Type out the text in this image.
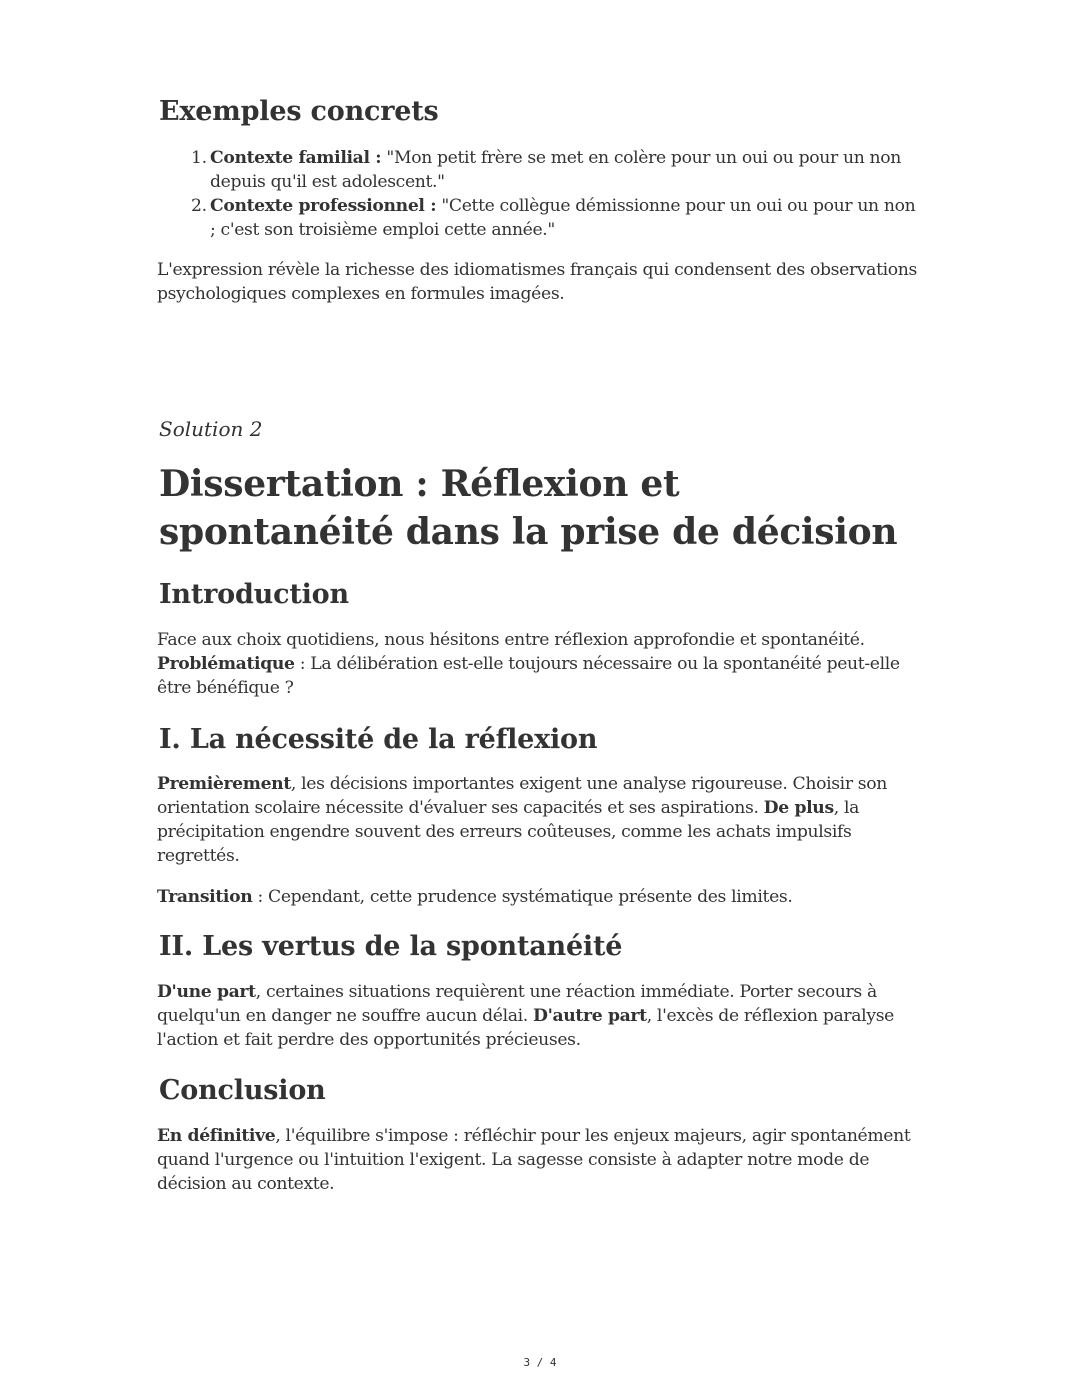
Exemples concrets
1. Contexte familial : "Mon petit frère se met en colère pour un oui ou pour un non depuis qu'il est adolescent."
2. Contexte professionnel : "Cette collègue démissionne pour un oui ou pour un non ; c'est son troisième emploi cette année."

L'expression révèle la richesse des idiomatismes français qui condensent des observations psychologiques complexes en formules imagées.

Solution 2
Dissertation : Réflexion et spontanéité dans la prise de décision
Introduction

Face aux choix quotidiens, nous hésitons entre réflexion approfondie et spontanéité. Problématique : La délibération est-elle toujours nécessaire ou la spontanéité peut-elle être bénéfique ?

I. La nécessité de la réflexion

Premièrement, les décisions importantes exigent une analyse rigoureuse. Choisir son orientation scolaire nécessite d'évaluer ses capacités et ses aspirations. De plus, la précipitation engendre souvent des erreurs coûteuses, comme les achats impulsifs regrettés.

Transition : Cependant, cette prudence systématique présente des limites.

II. Les vertus de la spontanéité

D'une part, certaines situations requièrent une réaction immédiate. Porter secours à quelqu'un en danger ne souffre aucun délai. D'autre part, l'excès de réflexion paralyse l'action et fait perdre des opportunités précieuses.

Conclusion

En définitive, l'équilibre s'impose : réfléchir pour les enjeux majeurs, agir spontanément quand l'urgence ou l'intuition l'exigent. La sagesse consiste à adapter notre mode de décision au contexte.

3 / 4
